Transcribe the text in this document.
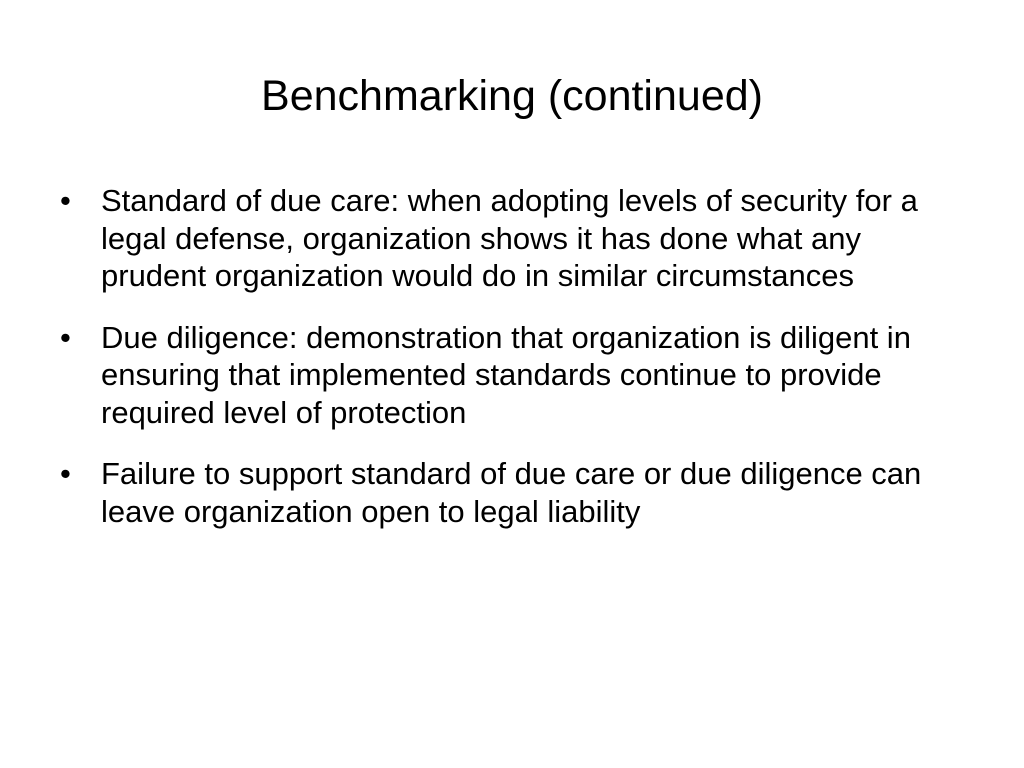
Benchmarking (continued)
• Standard of due care: when adopting levels of security for a legal defense, organization shows it has done what any prudent organization would do in similar circumstances
• Due diligence: demonstration that organization is diligent in ensuring that implemented standards continue to provide required level of protection
• Failure to support standard of due care or due diligence can leave organization open to legal liability
